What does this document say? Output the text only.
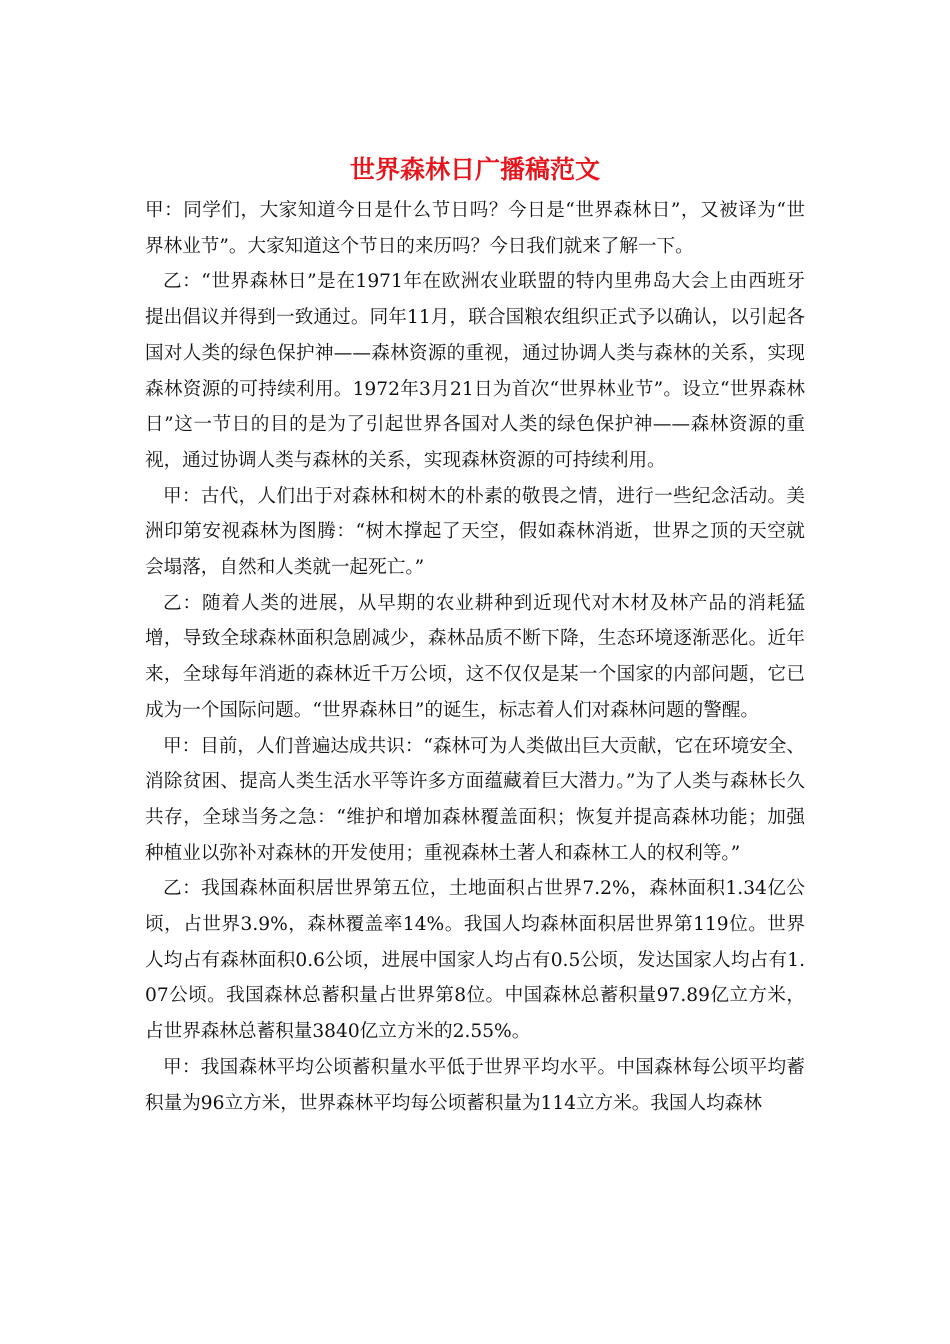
世界森林日广播稿范文

甲：同学们，大家知道今日是什么节日吗？今日是“世界森林日”，又被译为“世界林业节”。大家知道这个节日的来历吗？今日我们就来了解一下。

乙：“世界森林日”是在1971年在欧洲农业联盟的特内里弗岛大会上由西班牙提出倡议并得到一致通过。同年11月，联合国粮农组织正式予以确认，以引起各国对人类的绿色保护神——森林资源的重视，通过协调人类与森林的关系，实现森林资源的可持续利用。1972年3月21日为首次“世界林业节”。设立“世界森林日”这一节日的目的是为了引起世界各国对人类的绿色保护神——森林资源的重视，通过协调人类与森林的关系，实现森林资源的可持续利用。

甲：古代，人们出于对森林和树木的朴素的敬畏之情，进行一些纪念活动。美洲印第安视森林为图腾：“树木撑起了天空，假如森林消逝，世界之顶的天空就会塌落，自然和人类就一起死亡。”

乙：随着人类的进展，从早期的农业耕种到近现代对木材及林产品的消耗猛增，导致全球森林面积急剧减少，森林品质不断下降，生态环境逐渐恶化。近年来，全球每年消逝的森林近千万公顷，这不仅仅是某一个国家的内部问题，它已成为一个国际问题。“世界森林日”的诞生，标志着人们对森林问题的警醒。

甲：目前，人们普遍达成共识：“森林可为人类做出巨大贡献，它在环境安全、消除贫困、提高人类生活水平等许多方面蕴藏着巨大潜力。”为了人类与森林长久共存，全球当务之急：“维护和增加森林覆盖面积；恢复并提高森林功能；加强种植业以弥补对森林的开发使用；重视森林土著人和森林工人的权利等。”

乙：我国森林面积居世界第五位，土地面积占世界7.2%，森林面积1.34亿公顷，占世界3.9%，森林覆盖率14%。我国人均森林面积居世界第119位。世界人均占有森林面积0.6公顷，进展中国家人均占有0.5公顷，发达国家人均占有1.07公顷。我国森林总蓄积量占世界第8位。中国森林总蓄积量97.89亿立方米，占世界森林总蓄积量3840亿立方米的2.55%。

甲：我国森林平均公顷蓄积量水平低于世界平均水平。中国森林每公顷平均蓄积量为96立方米，世界森林平均每公顷蓄积量为114立方米。我国人均森林
